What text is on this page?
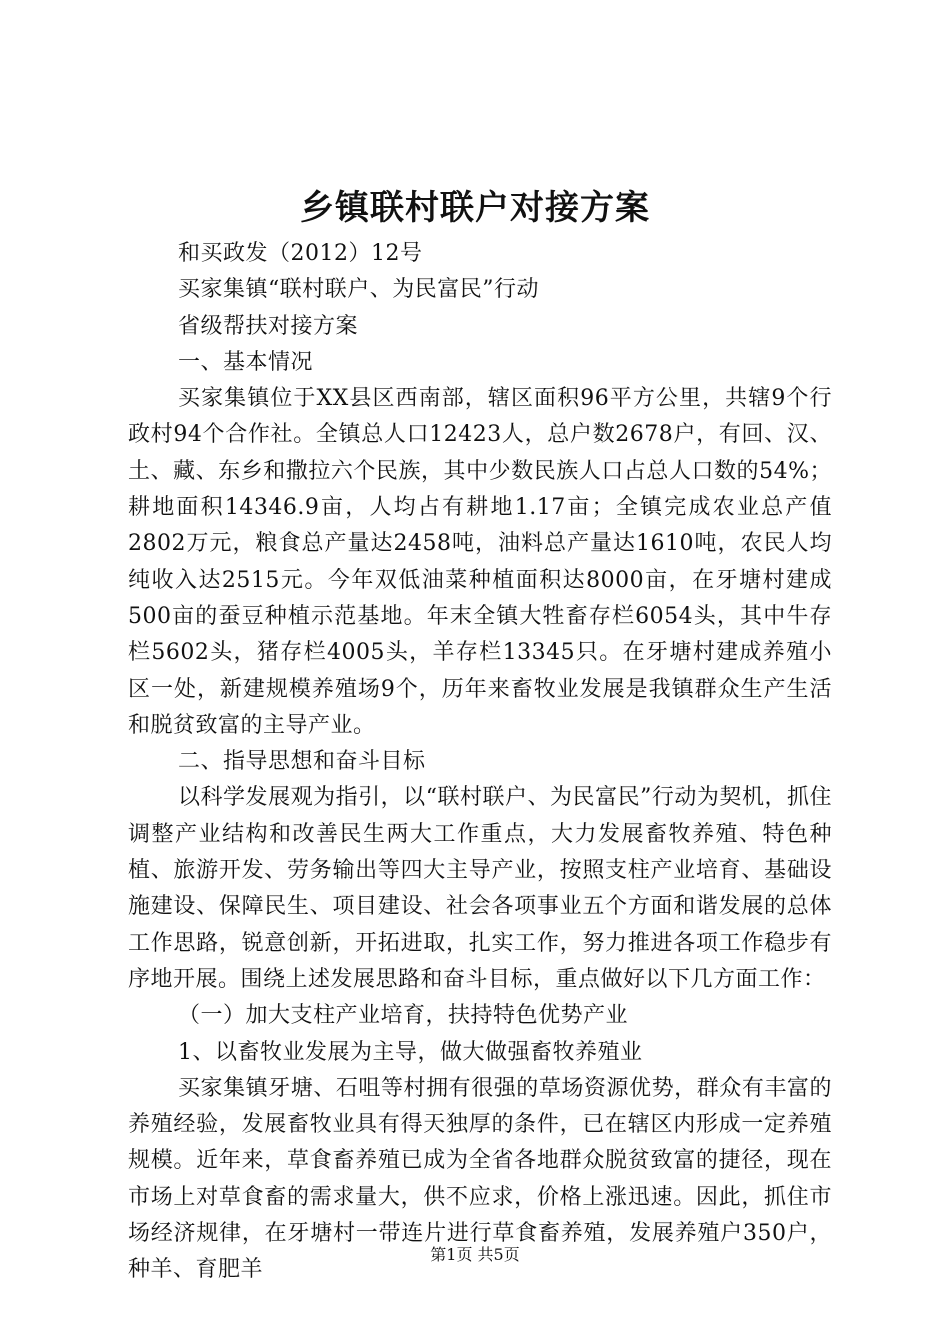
乡镇联村联户对接方案
和买政发（2012）12号
买家集镇“联村联户、为民富民”行动
省级帮扶对接方案
一、基本情况
买家集镇位于XX县区西南部，辖区面积96平方公里，共辖9个行政村94个合作社。全镇总人口12423人，总户数2678户，有回、汉、土、藏、东乡和撒拉六个民族，其中少数民族人口占总人口数的54%；耕地面积14346.9亩，人均占有耕地1.17亩；全镇完成农业总产值2802万元，粮食总产量达2458吨，油料总产量达1610吨，农民人均纯收入达2515元。今年双低油菜种植面积达8000亩，在牙塘村建成500亩的蚕豆种植示范基地。年末全镇大牲畜存栏6054头，其中牛存栏5602头，猪存栏4005头，羊存栏13345只。在牙塘村建成养殖小区一处，新建规模养殖场9个，历年来畜牧业发展是我镇群众生产生活和脱贫致富的主导产业。
二、指导思想和奋斗目标
以科学发展观为指引，以“联村联户、为民富民”行动为契机，抓住调整产业结构和改善民生两大工作重点，大力发展畜牧养殖、特色种植、旅游开发、劳务输出等四大主导产业，按照支柱产业培育、基础设施建设、保障民生、项目建设、社会各项事业五个方面和谐发展的总体工作思路，锐意创新，开拓进取，扎实工作，努力推进各项工作稳步有序地开展。围绕上述发展思路和奋斗目标，重点做好以下几方面工作：
（一）加大支柱产业培育，扶持特色优势产业
1、以畜牧业发展为主导，做大做强畜牧养殖业
买家集镇牙塘、石咀等村拥有很强的草场资源优势，群众有丰富的养殖经验，发展畜牧业具有得天独厚的条件，已在辖区内形成一定养殖规模。近年来，草食畜养殖已成为全省各地群众脱贫致富的捷径，现在市场上对草食畜的需求量大，供不应求，价格上涨迅速。因此，抓住市场经济规律，在牙塘村一带连片进行草食畜养殖，发展养殖户350户，种羊、育肥羊
第1页 共5页
